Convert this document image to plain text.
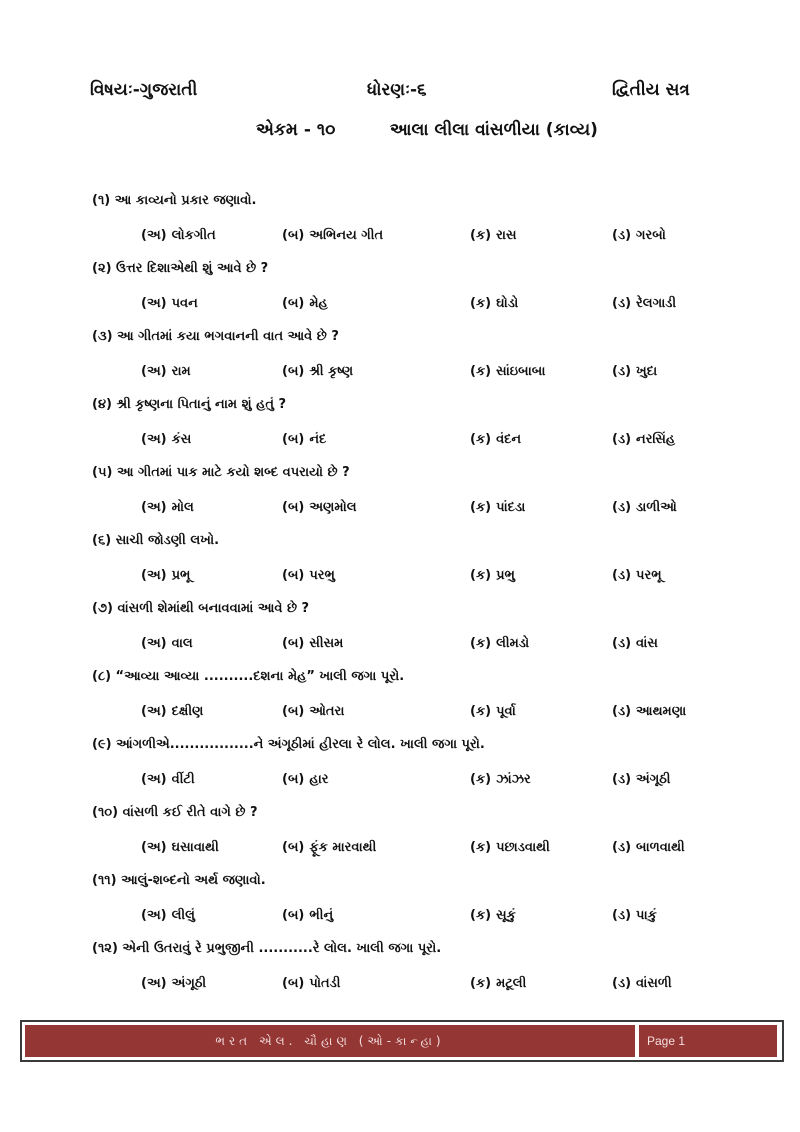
વિષયઃ-ગુજરાતી	ધોરણઃ-૬	દ્વિતીય સત્ર
એકમ - ૧૦	આલા લીલા વાંસળીયા (કાવ્ય)
(૧) આ કાવ્યનો પ્રકાર જણાવો.
(અ) લોકગીત	(બ) અભિનય ગીત	(ક) રાસ	(ડ) ગરબો
(૨) ઉત્તર દિશાએથી શું આવે છે ?
(અ) પવન	(બ) મેહ	(ક) ઘોડો	(ડ) રેલગાડી
(૩) આ ગીતમાં કયા ભગવાનની વાત આવે છે ?
(અ) રામ	(બ) શ્રી કૃષ્ણ	(ક) સાંઇબાબા	(ડ) ખુદા
(૪) શ્રી કૃષ્ણના પિતાનું નામ શું હતું ?
(અ) કંસ	(બ) નંદ	(ક) વંદન	(ડ) નરસિંહ
(૫) આ ગીતમાં પાક માટે કયો શબ્દ વપરાયો છે ?
(અ) મોલ	(બ) અણમોલ	(ક) પાંદડા	(ડ) ડાળીઓ
(૬) સાચી જોડણી લખો.
(અ) પ્રભૂ	(બ) પરભુ	(ક) પ્રભુ	(ડ) પરભૂ
(૭) વાંસળી શેમાંથી બનાવવામાં આવે છે ?
(અ) વાલ	(બ) સીસમ	(ક) લીમડો	(ડ) વાંસ
(૮) “આવ્યા આવ્યા ..........દશના મેહ” ખાલી જગા પૂરો.
(અ) દક્ષીણ	(બ) ઓતરા	(ક) પૂર્વા	(ડ) આથમણા
(૯) આંગળીએ.................ને અંગૂઠીમાં હીરલા રે લોલ. ખાલી જગા પૂરો.
(અ) વીંટી	(બ) હાર	(ક) ઝાંઝર	(ડ) અંગૂઠી
(૧૦) વાંસળી કઈ રીતે વાગે છે ?
(અ) ઘસાવાથી	(બ) ફૂંક મારવાથી	(ક) પછાડવાથી	(ડ) બાળવાથી
(૧૧) આલું-શબ્દનો અર્થ જણાવો.
(અ) લીલું	(બ) ભીનું	(ક) સૂકું	(ડ) પાકું
(૧૨) એની ઉતરાવું રે પ્રભુજીની ...........રે લોલ. ખાલી જગા પૂરો.
(અ) અંગૂઠી	(બ) પોતડી	(ક) મટૂલી	(ડ) વાંસળી
ભરત એલ. ચૌહાણ (ઓ-કાન્હા)	Page 1
